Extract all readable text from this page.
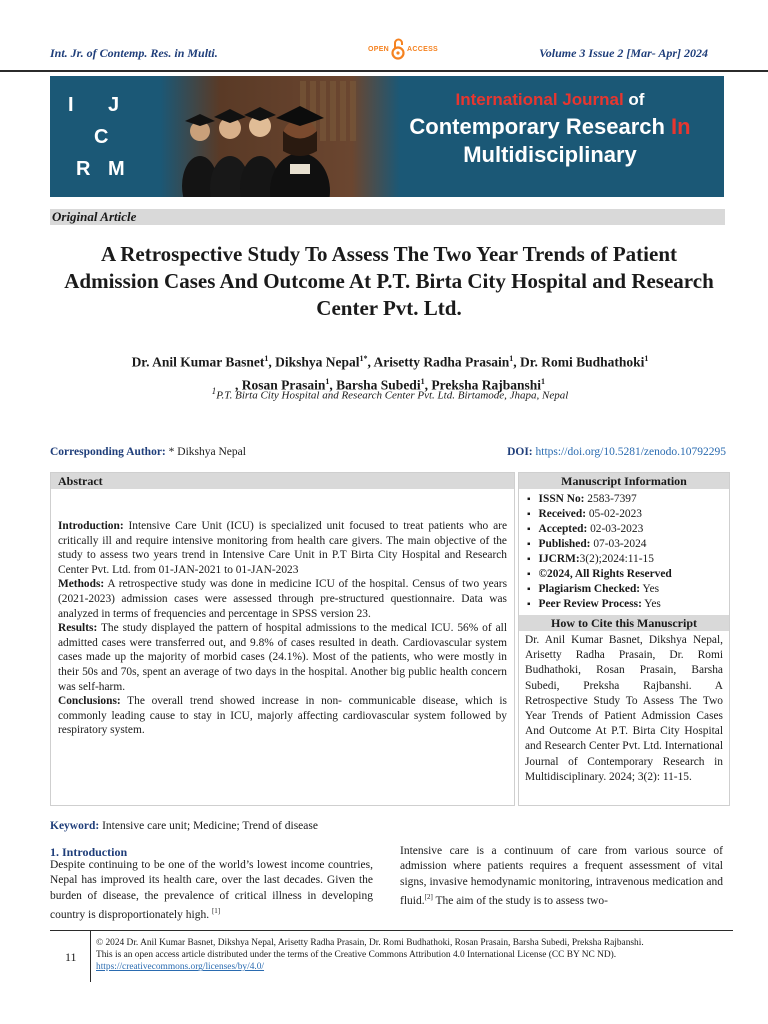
Int. Jr. of Contemp. Res. in Multi.	OPEN	ACCESS	Volume 3 Issue 2 [Mar- Apr] 2024
I J
C
R M
International Journal of
Contemporary Research In
Multidisciplinary
Original Article
A Retrospective Study To Assess The Two Year Trends of Patient Admission Cases And Outcome At P.T. Birta City Hospital and Research Center Pvt. Ltd.
Dr. Anil Kumar Basnet$^1$, Dikshya Nepal$^{1*}$, Arisetty Radha Prasain$^1$, Dr. Romi Budhathoki$^1$
, Rosan Prasain$^1$, Barsha Subedi$^1$, Preksha Rajbanshi$^1$
$^1$P.T. Birta City Hospital and Research Center Pvt. Ltd. Birtamode, Jhapa, Nepal
Corresponding Author: * Dikshya Nepal	DOI: https://doi.org/10.5281/zenodo.10792295
Abstract

Introduction: Intensive Care Unit (ICU) is specialized unit focused to treat patients who are critically ill and require intensive monitoring from health care givers. The main objective of the study to assess two years trend in Intensive Care Unit in P.T Birta City Hospital and Research Center Pvt. Ltd. from 01-JAN-2021 to 01-JAN-2023

Methods: A retrospective study was done in medicine ICU of the hospital. Census of two years (2021-2023) admission cases were assessed through pre-structured questionnaire. Data was analyzed in terms of frequencies and percentage in SPSS version 23.

Results: The study displayed the pattern of hospital admissions to the medical ICU. 56% of all admitted cases were transferred out, and 9.8% of cases resulted in death. Cardiovascular system cases made up the majority of morbid cases (24.1%). Most of the patients, who were mostly in their 50s and 70s, spent an average of two days in the hospital. Another big public health concern was self-harm.

Conclusions: The overall trend showed increase in non- communicable disease, which is commonly leading cause to stay in ICU, majorly affecting cardiovascular system followed by respiratory system.

Manuscript Information
▪ ISSN No: 2583-7397
▪ Received: 05-02-2023
▪ Accepted: 02-03-2023
▪ Published: 07-03-2024
▪ IJCRM:3(2);2024:11-15
▪ ©2024, All Rights Reserved
▪ Plagiarism Checked: Yes
▪ Peer Review Process: Yes
How to Cite this Manuscript
Dr. Anil Kumar Basnet, Dikshya Nepal, Arisetty Radha Prasain, Dr. Romi Budhathoki, Rosan Prasain, Barsha Subedi, Preksha Rajbanshi. A Retrospective Study To Assess The Two Year Trends of Patient Admission Cases And Outcome At P.T. Birta City Hospital and Research Center Pvt. Ltd. International Journal of Contemporary Research in Multidisciplinary. 2024; 3(2): 11-15.
Keyword: Intensive care unit; Medicine; Trend of disease
1. Introduction
Despite continuing to be one of the world’s lowest income countries, Nepal has improved its health care, over the last decades. Given the burden of disease, the prevalence of critical illness in developing country is disproportionately high. [1]
Intensive care is a continuum of care from various source of admission where patients requires a frequent assessment of vital signs, invasive hemodynamic monitoring, intravenous medication and fluid.[2] The aim of the study is to assess two-
11
© 2024 Dr. Anil Kumar Basnet, Dikshya Nepal, Arisetty Radha Prasain, Dr. Romi Budhathoki, Rosan Prasain, Barsha Subedi, Preksha Rajbanshi.
This is an open access article distributed under the terms of the Creative Commons Attribution 4.0 International License (CC BY NC ND).
https://creativecommons.org/licenses/by/4.0/
